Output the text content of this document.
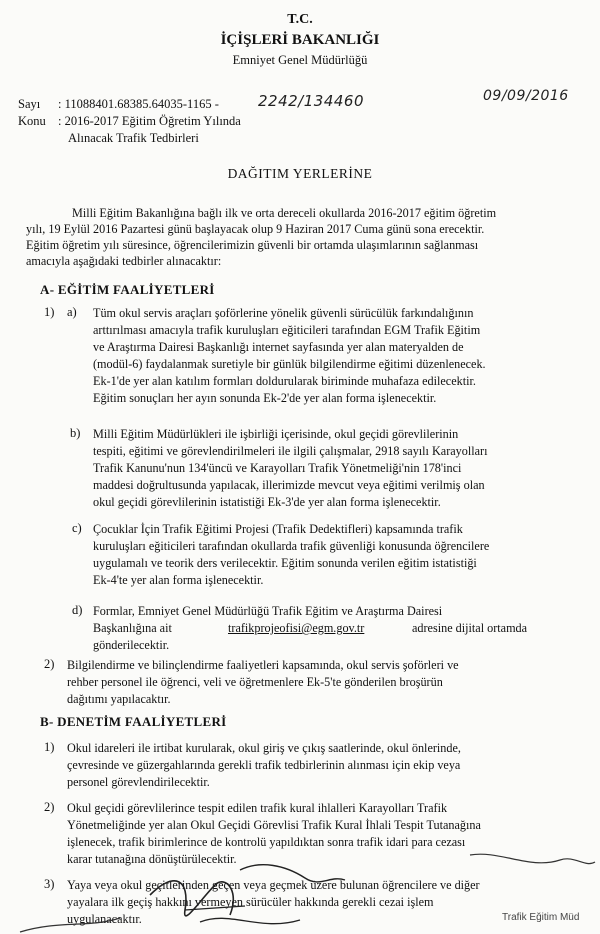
T.C.
İÇİŞLERİ BAKANLIĞI
Emniyet Genel Müdürlüğü
Sayı : 11088401.68385.64035-1165 -	2242/134460	09/09/2016
Konu : 2016-2017 Eğitim Öğretim Yılında
Alınacak Trafik Tedbirleri
DAĞITIM YERLERİNE
Milli Eğitim Bakanlığına bağlı ilk ve orta dereceli okullarda 2016-2017 eğitim öğretim
yılı, 19 Eylül 2016 Pazartesi günü başlayacak olup 9 Haziran 2017 Cuma günü sona erecektir.
Eğitim öğretim yılı süresince, öğrencilerimizin güvenli bir ortamda ulaşımlarının sağlanması
amacıyla aşağıdaki tedbirler alınacaktır:
A- EĞİTİM FAALİYETLERİ
1) a) Tüm okul servis araçları şoförlerine yönelik güvenli sürücülük farkındalığının
arttırılması amacıyla trafik kuruluşları eğiticileri tarafından EGM Trafik Eğitim
ve Araştırma Dairesi Başkanlığı internet sayfasında yer alan materyalden de
(modül-6) faydalanmak suretiyle bir günlük bilgilendirme eğitimi düzenlenecek.
Ek-1'de yer alan katılım formları doldurularak biriminde muhafaza edilecektir.
Eğitim sonuçları her ayın sonunda Ek-2'de yer alan forma işlenecektir.
b) Milli Eğitim Müdürlükleri ile işbirliği içerisinde, okul geçidi görevlilerinin
tespiti, eğitimi ve görevlendirilmeleri ile ilgili çalışmalar, 2918 sayılı Karayolları
Trafik Kanunu'nun 134'üncü ve Karayolları Trafik Yönetmeliği'nin 178'inci
maddesi doğrultusunda yapılacak, illerimizde mevcut veya eğitimi verilmiş olan
okul geçidi görevlilerinin istatistiği Ek-3'de yer alan forma işlenecektir.
c) Çocuklar İçin Trafik Eğitimi Projesi (Trafik Dedektifleri) kapsamında trafik
kuruluşları eğiticileri tarafından okullarda trafik güvenliği konusunda öğrencilere
uygulamalı ve teorik ders verilecektir. Eğitim sonunda verilen eğitim istatistiği
Ek-4'te yer alan forma işlenecektir.
d) Formlar, Emniyet Genel Müdürlüğü Trafik Eğitim ve Araştırma Dairesi
Başkanlığına ait	trafikprojeofisi@egm.gov.tr	adresine dijital ortamda
gönderilecektir.
2) Bilgilendirme ve bilinçlendirme faaliyetleri kapsamında, okul servis şoförleri ve
rehber personel ile öğrenci, veli ve öğretmenlere Ek-5'te gönderilen broşürün
dağıtımı yapılacaktır.
B- DENETİM FAALİYETLERİ
1) Okul idareleri ile irtibat kurularak, okul giriş ve çıkış saatlerinde, okul önlerinde,
çevresinde ve güzergahlarında gerekli trafik tedbirlerinin alınması için ekip veya
personel görevlendirilecektir.
2) Okul geçidi görevlilerince tespit edilen trafik kural ihlalleri Karayolları Trafik
Yönetmeliğinde yer alan Okul Geçidi Görevlisi Trafik Kural İhlali Tespit Tutanağına
işlenecek, trafik birimlerince de kontrolü yapıldıktan sonra trafik idari para cezası
karar tutanağına dönüştürülecektir.
3) Yaya veya okul geçitlerinden geçen veya geçmek üzere bulunan öğrencilere ve diğer
yayalara ilk geçiş hakkını vermeyen sürücüler hakkında gerekli cezai işlem
uygulanacaktır.	Trafik Eğitim Müd
